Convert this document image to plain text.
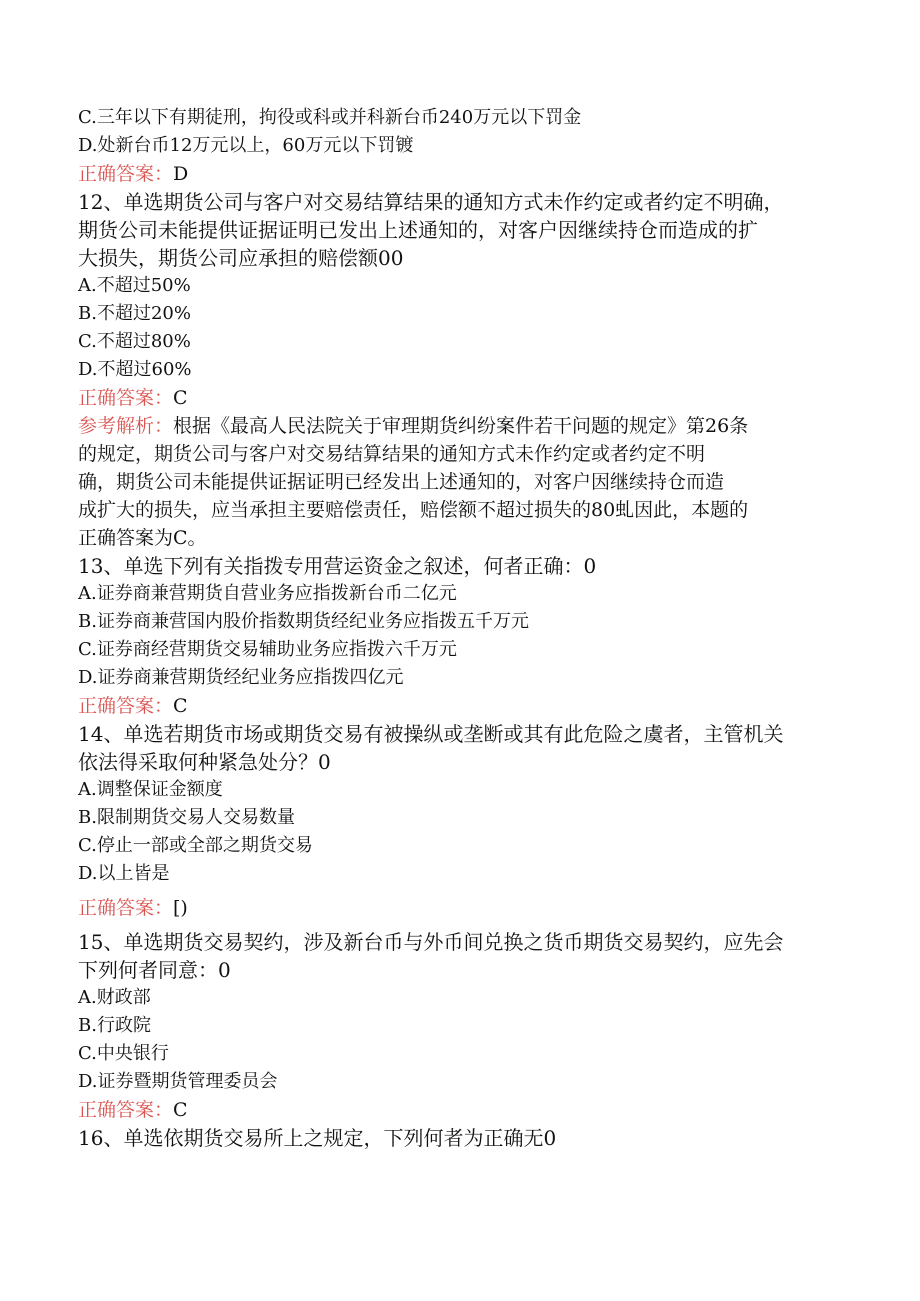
C.三年以下有期徒刑，拘役或科或并科新台币240万元以下罚金

D.处新台币12万元以上，60万元以下罚镀

正确答案：D

12、单选期货公司与客户对交易结算结果的通知方式未作约定或者约定不明确，

期货公司未能提供证据证明已发出上述通知的，对客户因继续持仓而造成的扩

大损失，期货公司应承担的赔偿额00

A.不超过50%

B.不超过20%

C.不超过80%

D.不超过60%

正确答案：C

参考解析：根据《最高人民法院关于审理期货纠纷案件若干问题的规定》第26条

的规定，期货公司与客户对交易结算结果的通知方式未作约定或者约定不明

确，期货公司未能提供证据证明已经发出上述通知的，对客户因继续持仓而造

成扩大的损失，应当承担主要赔偿责任，赔偿额不超过损失的80虬因此，本题的

正确答案为C。

13、单选下列有关指拨专用营运资金之叙述，何者正确：0

A.证券商兼营期货自营业务应指拨新台币二亿元

B.证券商兼营国内股价指数期货经纪业务应指拨五千万元

C.证券商经营期货交易辅助业务应指拨六千万元

D.证券商兼营期货经纪业务应指拨四亿元

正确答案：C

14、单选若期货市场或期货交易有被操纵或垄断或其有此危险之虞者，主管机关

依法得采取何种紧急处分？0

A.调整保证金额度

B.限制期货交易人交易数量

C.停止一部或全部之期货交易

D.以上皆是

正确答案：[)

15、单选期货交易契约，涉及新台币与外币间兑换之货币期货交易契约，应先会

下列何者同意：0

A.财政部

B.行政院

C.中央银行

D.证券暨期货管理委员会

正确答案：C

16、单选依期货交易所上之规定，下列何者为正确无0
